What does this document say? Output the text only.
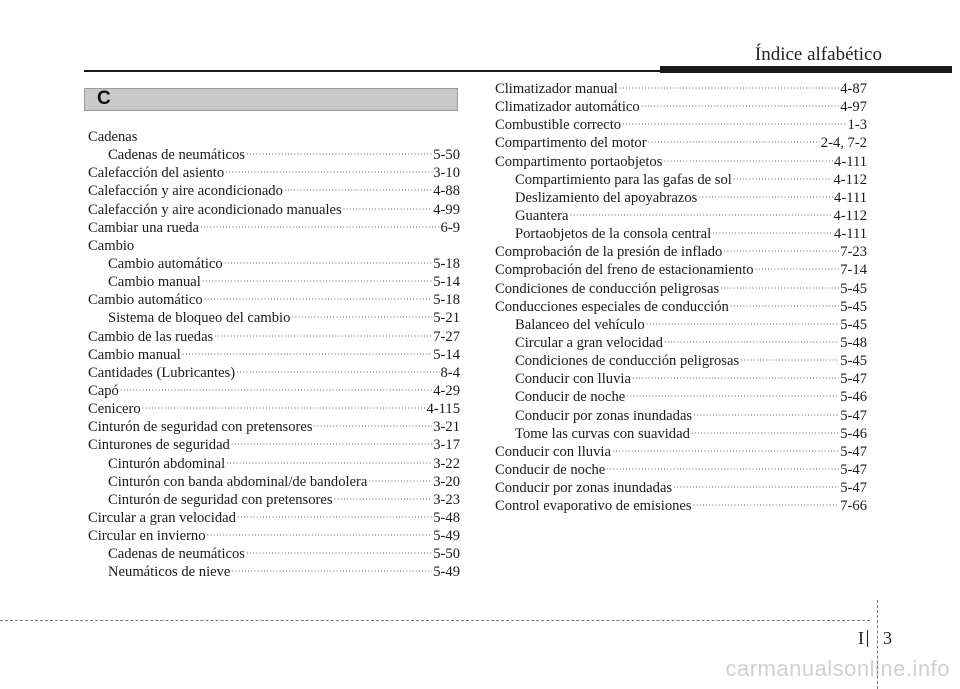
Índice alfabético
C
Cadenas
Cadenas de neumáticos ·····	5-50
Calefacción del asiento ·····	3-10
Calefacción y aire acondicionado ·····	4-88
Calefacción y aire acondicionado manuales ·····	4-99
Cambiar una rueda ·····	6-9
Cambio
Cambio automático ·····	5-18
Cambio manual ·····	5-14
Cambio automático ·····	5-18
Sistema de bloqueo del cambio ·····	5-21
Cambio de las ruedas ·····	7-27
Cambio manual ·····	5-14
Cantidades (Lubricantes) ·····	8-4
Capó ·····	4-29
Cenicero ·····	4-115
Cinturón de seguridad con pretensores ·····	3-21
Cinturones de seguridad ·····	3-17
Cinturón abdominal ·····	3-22
Cinturón con banda abdominal/de bandolera ·····	3-20
Cinturón de seguridad con pretensores ·····	3-23
Circular a gran velocidad ·····	5-48
Circular en invierno ·····	5-49
Cadenas de neumáticos ·····	5-50
Neumáticos de nieve ·····	5-49
Climatizador manual ·····	4-87
Climatizador automático ·····	4-97
Combustible correcto ·····	1-3
Compartimento del motor ·····	2-4, 7-2
Compartimento portaobjetos ·····	4-111
Compartimiento para las gafas de sol ·····	4-112
Deslizamiento del apoyabrazos ·····	4-111
Guantera ·····	4-112
Portaobjetos de la consola central ·····	4-111
Comprobación de la presión de inflado ·····	7-23
Comprobación del freno de estacionamiento ·····	7-14
Condiciones de conducción peligrosas ·····	5-45
Conducciones especiales de conducción ·····	5-45
Balanceo del vehículo ·····	5-45
Circular a gran velocidad ·····	5-48
Condiciones de conducción peligrosas ·····	5-45
Conducir con lluvia ·····	5-47
Conducir de noche ·····	5-46
Conducir por zonas inundadas ·····	5-47
Tome las curvas con suavidad ·····	5-46
Conducir con lluvia ·····	5-47
Conducir de noche ·····	5-47
Conducir por zonas inundadas ·····	5-47
Control evaporativo de emisiones ·····	7-66
I 3
carmanualsonline.info
